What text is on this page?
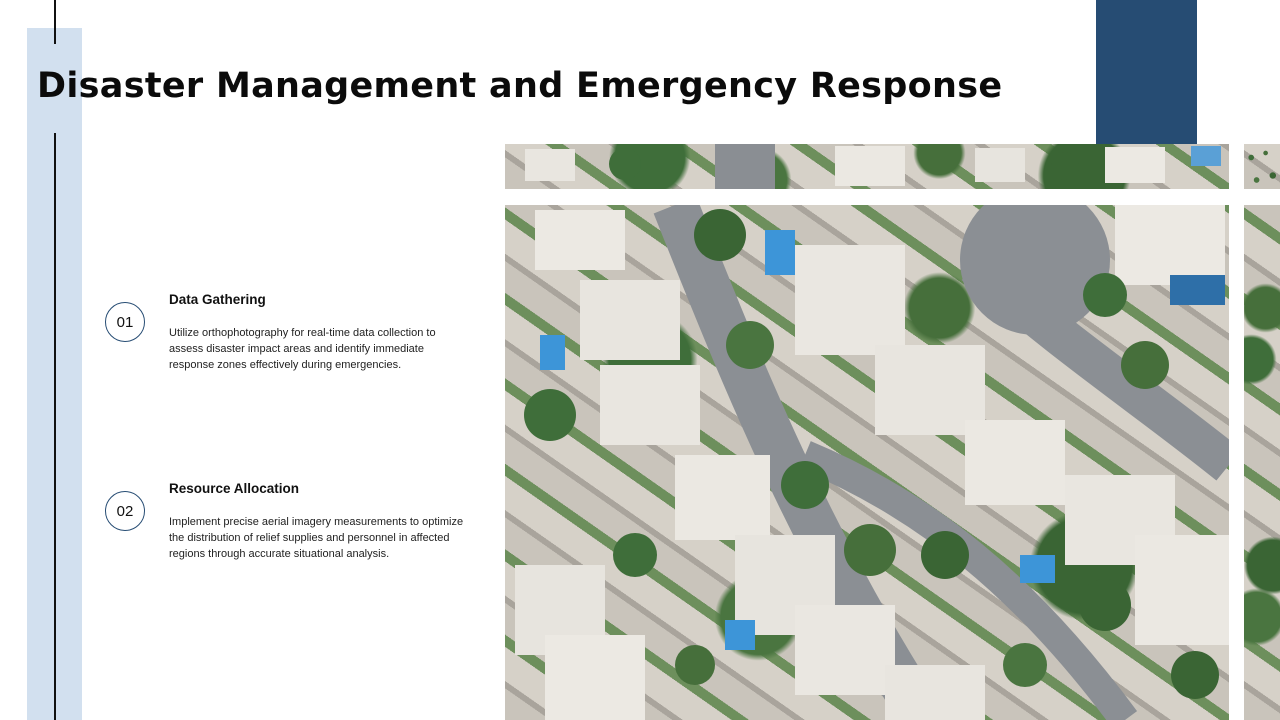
Disaster Management and Emergency Response
01
Data Gathering
Utilize orthophotography for real-time data collection to assess disaster impact areas and identify immediate response zones effectively during emergencies.
02
Resource Allocation
Implement precise aerial imagery measurements to optimize the distribution of relief supplies and personnel in affected regions through accurate situational analysis.
